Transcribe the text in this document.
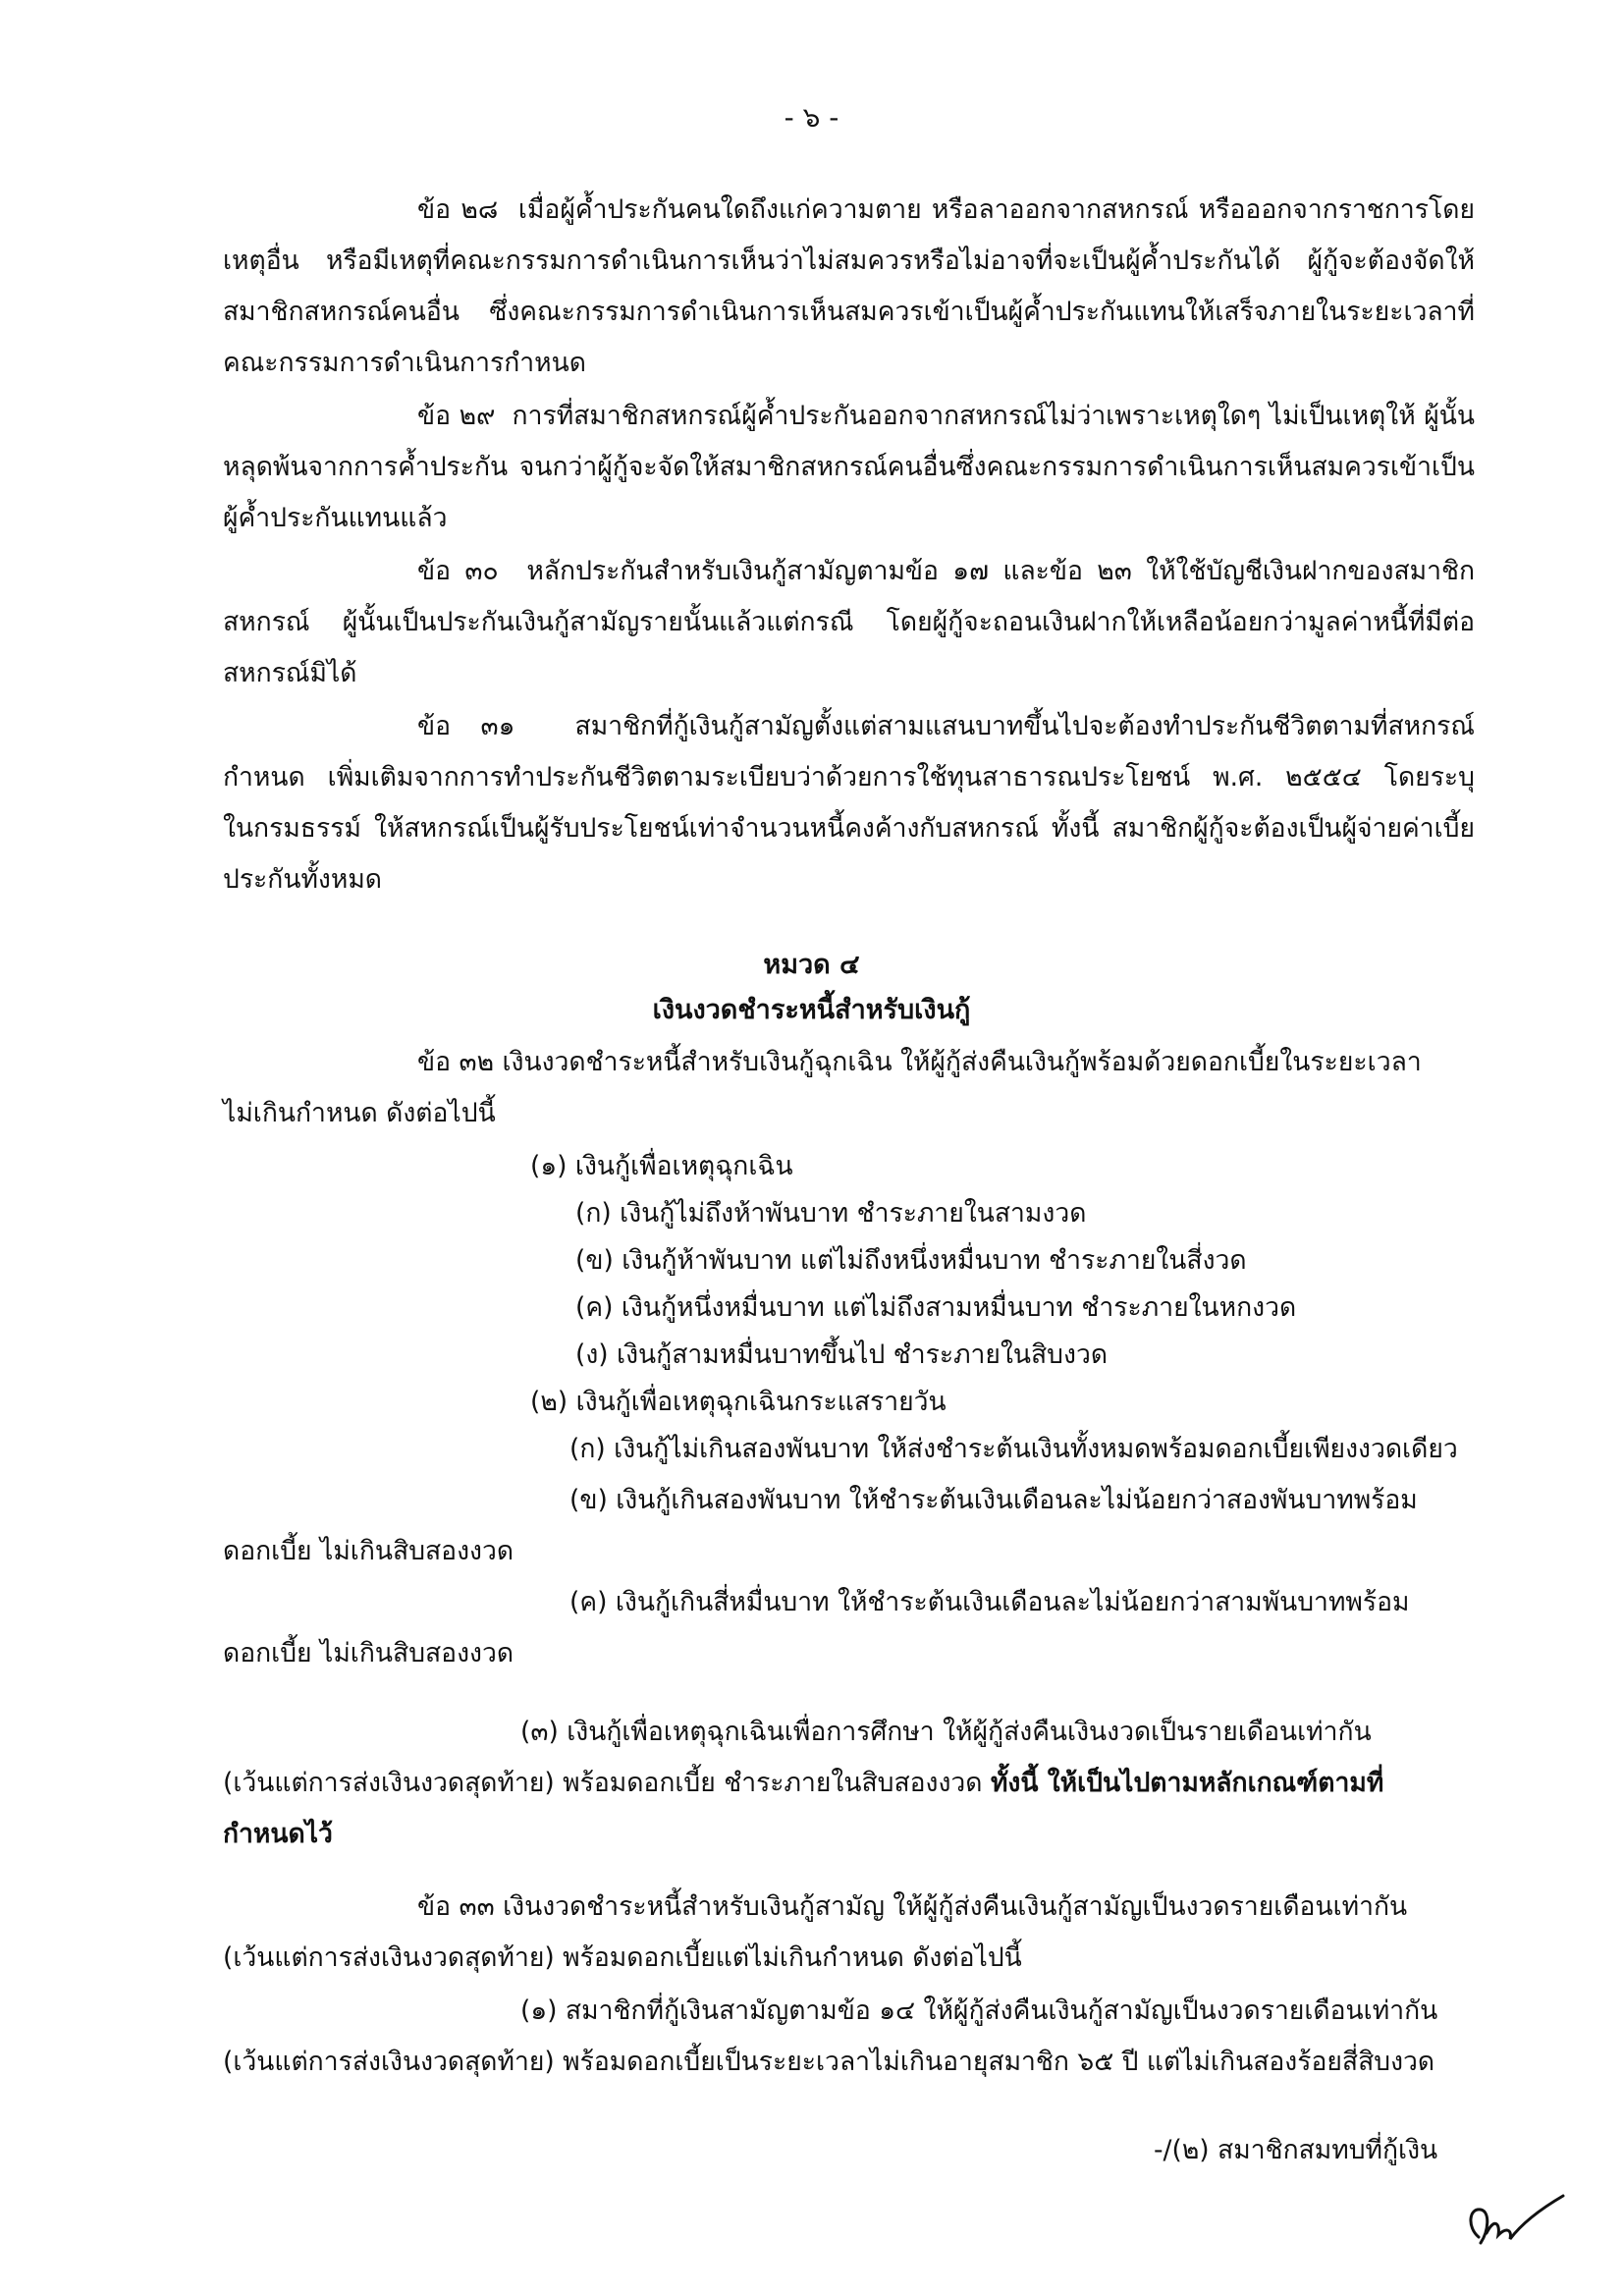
- ๖ -

ข้อ ๒๘ เมื่อผู้ค้ำประกันคนใดถึงแก่ความตาย หรือลาออกจากสหกรณ์ หรือออกจากราชการโดยเหตุอื่น หรือมีเหตุที่คณะกรรมการดำเนินการเห็นว่าไม่สมควรหรือไม่อาจที่จะเป็นผู้ค้ำประกันได้ ผู้กู้จะต้องจัดให้สมาชิกสหกรณ์คนอื่น ซึ่งคณะกรรมการดำเนินการเห็นสมควรเข้าเป็นผู้ค้ำประกันแทนให้เสร็จภายในระยะเวลาที่คณะกรรมการดำเนินการกำหนด

ข้อ ๒๙ การที่สมาชิกสหกรณ์ผู้ค้ำประกันออกจากสหกรณ์ไม่ว่าเพราะเหตุใดๆ ไม่เป็นเหตุให้ ผู้นั้นหลุดพ้นจากการค้ำประกัน จนกว่าผู้กู้จะจัดให้สมาชิกสหกรณ์คนอื่นซึ่งคณะกรรมการดำเนินการเห็นสมควรเข้าเป็นผู้ค้ำประกันแทนแล้ว

ข้อ ๓๐ หลักประกันสำหรับเงินกู้สามัญตามข้อ ๑๗ และข้อ ๒๓ ให้ใช้บัญชีเงินฝากของสมาชิกสหกรณ์ ผู้นั้นเป็นประกันเงินกู้สามัญรายนั้นแล้วแต่กรณี โดยผู้กู้จะถอนเงินฝากให้เหลือน้อยกว่ามูลค่าหนี้ที่มีต่อสหกรณ์มิได้

ข้อ ๓๑ สมาชิกที่กู้เงินกู้สามัญตั้งแต่สามแสนบาทขึ้นไปจะต้องทำประกันชีวิตตามที่สหกรณ์กำหนด เพิ่มเติมจากการทำประกันชีวิตตามระเบียบว่าด้วยการใช้ทุนสาธารณประโยชน์ พ.ศ. ๒๕๕๔ โดยระบุในกรมธรรม์ ให้สหกรณ์เป็นผู้รับประโยชน์เท่าจำนวนหนี้คงค้างกับสหกรณ์ ทั้งนี้ สมาชิกผู้กู้จะต้องเป็นผู้จ่ายค่าเบี้ยประกันทั้งหมด

หมวด ๔
เงินงวดชำระหนี้สำหรับเงินกู้

ข้อ ๓๒ เงินงวดชำระหนี้สำหรับเงินกู้ฉุกเฉิน ให้ผู้กู้ส่งคืนเงินกู้พร้อมด้วยดอกเบี้ยในระยะเวลา

ไม่เกินกำหนด ดังต่อไปนี้

(๑) เงินกู้เพื่อเหตุฉุกเฉิน

(ก) เงินกู้ไม่ถึงห้าพันบาท ชำระภายในสามงวด

(ข) เงินกู้ห้าพันบาท แต่ไม่ถึงหนึ่งหมื่นบาท ชำระภายในสี่งวด

(ค) เงินกู้หนึ่งหมื่นบาท แต่ไม่ถึงสามหมื่นบาท ชำระภายในหกงวด

(ง) เงินกู้สามหมื่นบาทขึ้นไป ชำระภายในสิบงวด

(๒) เงินกู้เพื่อเหตุฉุกเฉินกระแสรายวัน

(ก) เงินกู้ไม่เกินสองพันบาท ให้ส่งชำระต้นเงินทั้งหมดพร้อมดอกเบี้ยเพียงงวดเดียว

(ข) เงินกู้เกินสองพันบาท ให้ชำระต้นเงินเดือนละไม่น้อยกว่าสองพันบาทพร้อม

ดอกเบี้ย ไม่เกินสิบสองงวด

(ค) เงินกู้เกินสี่หมื่นบาท ให้ชำระต้นเงินเดือนละไม่น้อยกว่าสามพันบาทพร้อม

ดอกเบี้ย ไม่เกินสิบสองงวด

(๓) เงินกู้เพื่อเหตุฉุกเฉินเพื่อการศึกษา ให้ผู้กู้ส่งคืนเงินงวดเป็นรายเดือนเท่ากัน

(เว้นแต่การส่งเงินงวดสุดท้าย) พร้อมดอกเบี้ย ชำระภายในสิบสองงวด ทั้งนี้ ให้เป็นไปตามหลักเกณฑ์ตามที่

กำหนดไว้

ข้อ ๓๓ เงินงวดชำระหนี้สำหรับเงินกู้สามัญ ให้ผู้กู้ส่งคืนเงินกู้สามัญเป็นงวดรายเดือนเท่ากัน

(เว้นแต่การส่งเงินงวดสุดท้าย) พร้อมดอกเบี้ยแต่ไม่เกินกำหนด ดังต่อไปนี้

(๑) สมาชิกที่กู้เงินสามัญตามข้อ ๑๔ ให้ผู้กู้ส่งคืนเงินกู้สามัญเป็นงวดรายเดือนเท่ากัน

(เว้นแต่การส่งเงินงวดสุดท้าย) พร้อมดอกเบี้ยเป็นระยะเวลาไม่เกินอายุสมาชิก ๖๕ ปี แต่ไม่เกินสองร้อยสี่สิบงวด

-/(๒) สมาชิกสมทบที่กู้เงิน
